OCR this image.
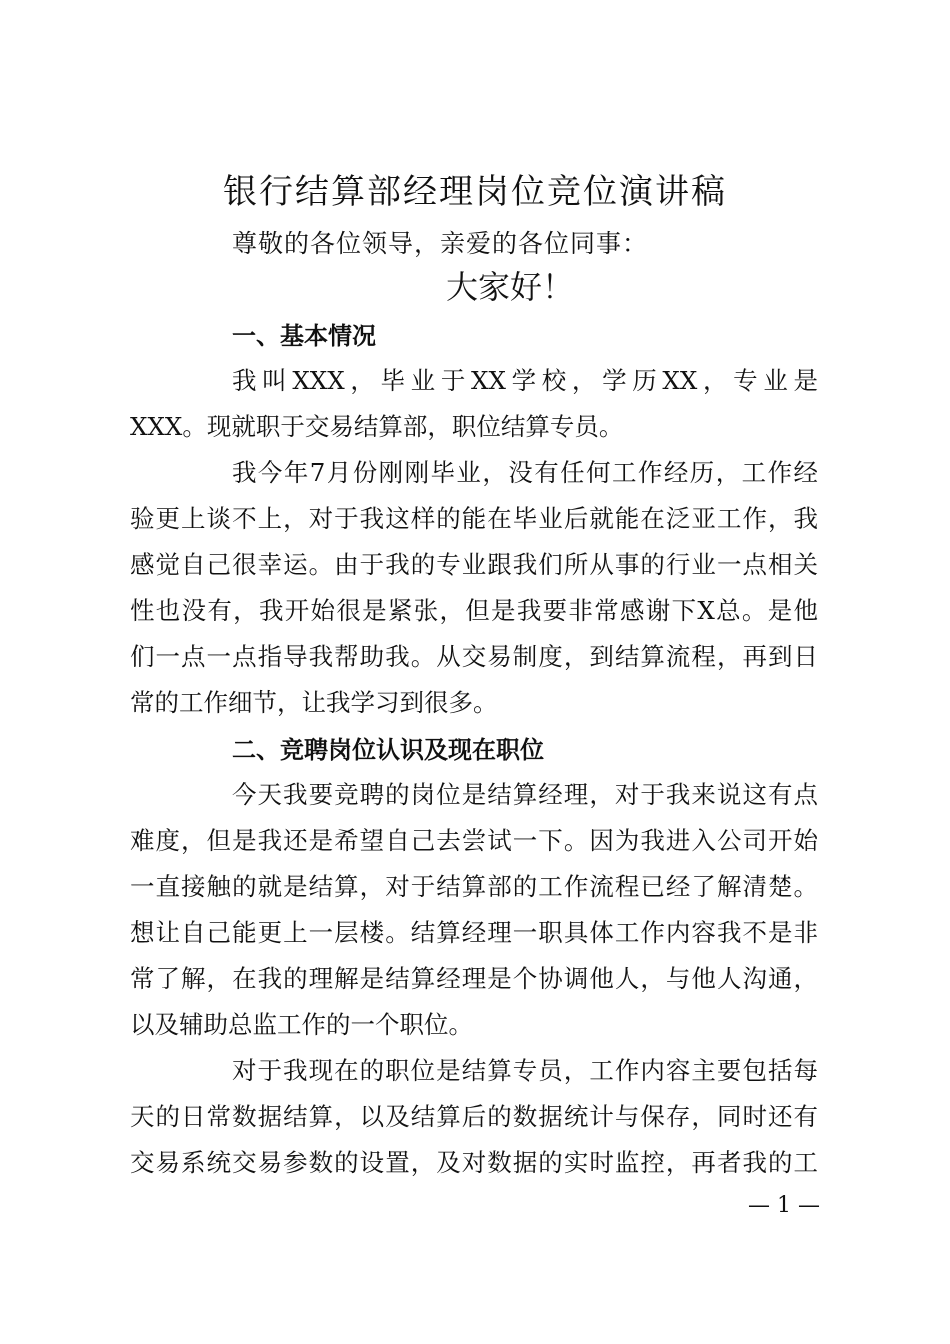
银行结算部经理岗位竞位演讲稿
尊敬的各位领导，亲爱的各位同事：
大家好！
一、基本情况
我叫XXX，毕业于XX学校，学历XX，专业是
XXX。现就职于交易结算部，职位结算专员。
我今年7月份刚刚毕业，没有任何工作经历，工作经
验更上谈不上，对于我这样的能在毕业后就能在泛亚工作，我
感觉自己很幸运。由于我的专业跟我们所从事的行业一点相关
性也没有，我开始很是紧张，但是我要非常感谢下X总。是他
们一点一点指导我帮助我。从交易制度，到结算流程，再到日
常的工作细节，让我学习到很多。
二、竞聘岗位认识及现在职位
今天我要竞聘的岗位是结算经理，对于我来说这有点
难度，但是我还是希望自己去尝试一下。因为我进入公司开始
一直接触的就是结算，对于结算部的工作流程已经了解清楚。
想让自己能更上一层楼。结算经理一职具体工作内容我不是非
常了解，在我的理解是结算经理是个协调他人，与他人沟通，
以及辅助总监工作的一个职位。
对于我现在的职位是结算专员，工作内容主要包括每
天的日常数据结算，以及结算后的数据统计与保存，同时还有
交易系统交易参数的设置，及对数据的实时监控，再者我的工
— 1 —
